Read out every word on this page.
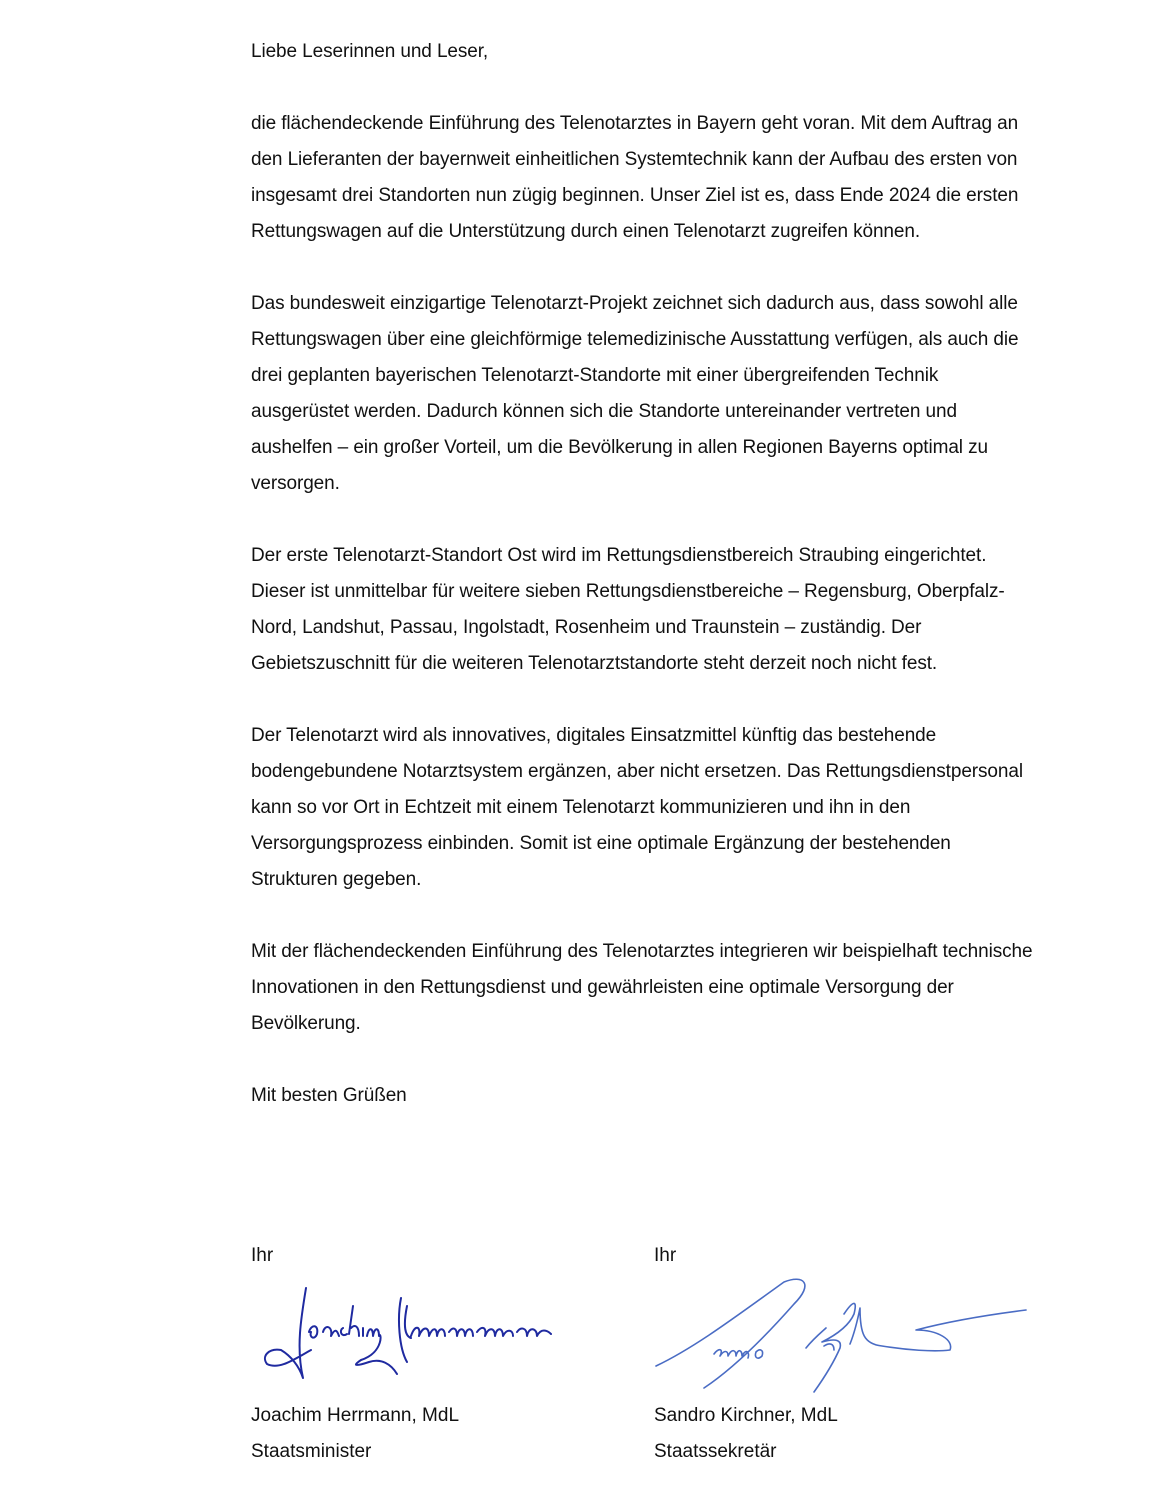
Liebe Leserinnen und Leser,

die flächendeckende Einführung des Telenotarztes in Bayern geht voran. Mit dem Auftrag an den Lieferanten der bayernweit einheitlichen Systemtechnik kann der Aufbau des ersten von insgesamt drei Standorten nun zügig beginnen. Unser Ziel ist es, dass Ende 2024 die ersten Rettungswagen auf die Unterstützung durch einen Telenotarzt zugreifen können.

Das bundesweit einzigartige Telenotarzt-Projekt zeichnet sich dadurch aus, dass sowohl alle Rettungswagen über eine gleichförmige telemedizinische Ausstattung verfügen, als auch die drei geplanten bayerischen Telenotarzt-Standorte mit einer übergreifenden Technik ausgerüstet werden. Dadurch können sich die Standorte untereinander vertreten und aushelfen – ein großer Vorteil, um die Bevölkerung in allen Regionen Bayerns optimal zu versorgen.

Der erste Telenotarzt-Standort Ost wird im Rettungsdienstbereich Straubing eingerichtet. Dieser ist unmittelbar für weitere sieben Rettungsdienstbereiche – Regensburg, Oberpfalz-Nord, Landshut, Passau, Ingolstadt, Rosenheim und Traunstein – zuständig. Der Gebietszuschnitt für die weiteren Telenotarztstandorte steht derzeit noch nicht fest.

Der Telenotarzt wird als innovatives, digitales Einsatzmittel künftig das bestehende bodengebundene Notarztsystem ergänzen, aber nicht ersetzen. Das Rettungsdienstpersonal kann so vor Ort in Echtzeit mit einem Telenotarzt kommunizieren und ihn in den Versorgungsprozess einbinden. Somit ist eine optimale Ergänzung der bestehenden Strukturen gegeben.

Mit der flächendeckenden Einführung des Telenotarztes integrieren wir beispielhaft technische Innovationen in den Rettungsdienst und gewährleisten eine optimale Versorgung der Bevölkerung.

Mit besten Grüßen

Ihr
Joachim Herrmann, MdL
Staatsminister
Ihr
Sandro Kirchner, MdL
Staatssekretär
